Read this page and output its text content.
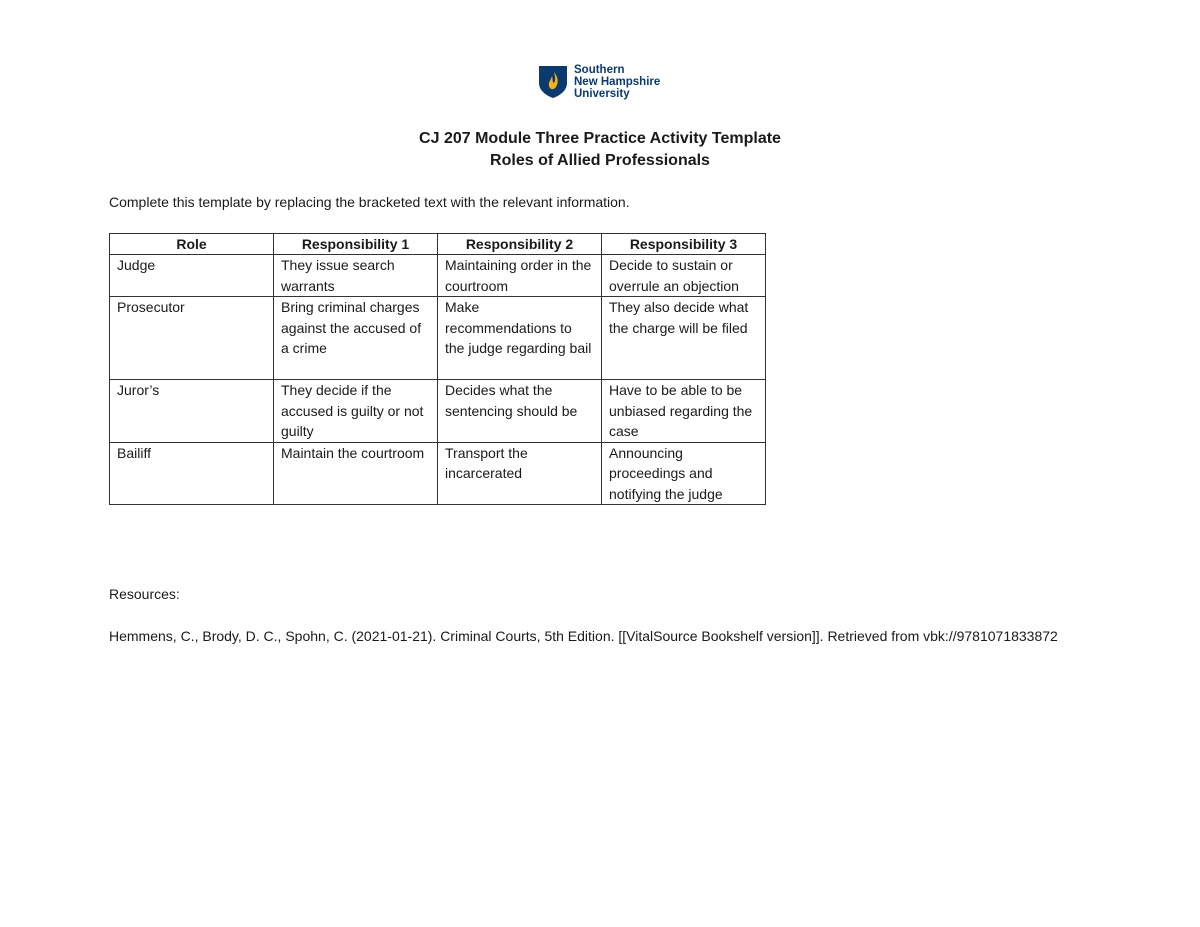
Southern
New Hampshire
University
CJ 207 Module Three Practice Activity Template
Roles of Allied Professionals
Complete this template by replacing the bracketed text with the relevant information.
Role	Responsibility 1	Responsibility 2	Responsibility 3
Judge	They issue search warrants	Maintaining order in the courtroom	Decide to sustain or overrule an objection
Prosecutor	Bring criminal charges against the accused of a crime	Make recommendations to the judge regarding bail	They also decide what the charge will be filed
Juror’s	They decide if the accused is guilty or not guilty	Decides what the sentencing should be	Have to be able to be unbiased regarding the case
Bailiff	Maintain the courtroom	Transport the incarcerated	Announcing proceedings and notifying the judge
Resources:
Hemmens, C., Brody, D. C., Spohn, C. (2021-01-21). Criminal Courts, 5th Edition. [[VitalSource Bookshelf version]]. Retrieved from vbk://9781071833872
